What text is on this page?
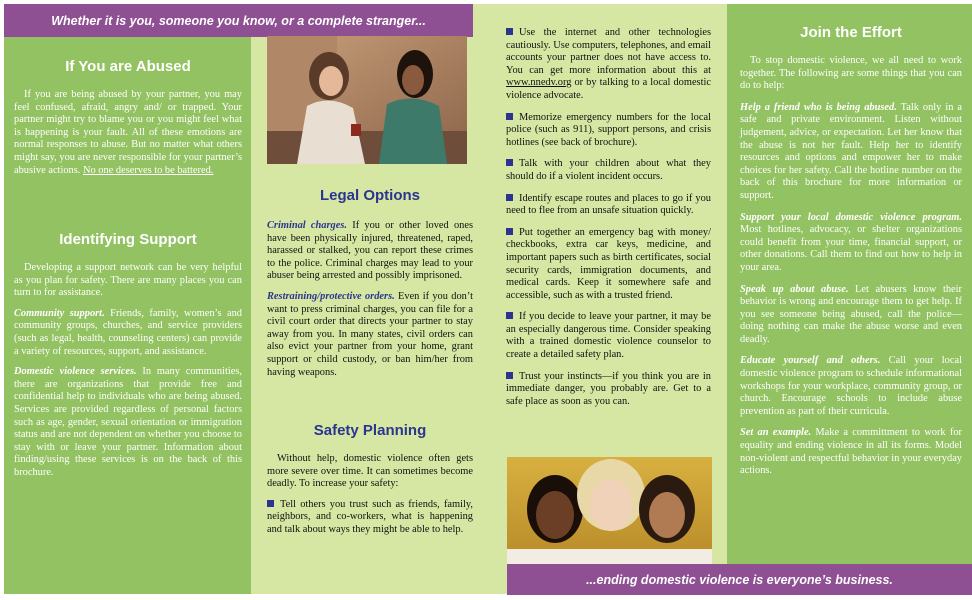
Whether it is you, someone you know, or a complete stranger...
...ending domestic violence is everyone’s business.
If You are Abused

If you are being abused by your partner, you may feel confused, afraid, angry and/ or trapped. Your partner might try to blame you or you might feel what is happening is your fault. All of these emotions are normal responses to abuse. But no matter what others might say, you are never responsible for your partner’s abusive actions. No one deserves to be battered.

Identifying Support

Developing a support network can be very helpful as you plan for safety. There are many places you can turn to for assistance.

Community support. Friends, family, women’s and community groups, churches, and service providers (such as legal, health, counseling centers) can provide a variety of resources, support, and assistance.

Domestic violence services. In many communities, there are organizations that provide free and confidential help to individuals who are being abused. Services are provided regardless of personal factors such as age, gender, sexual orientation or immigration status and are not dependent on whether you choose to stay with or leave your partner. Information about finding/using these services is on the back of this brochure.

Legal Options

Criminal charges. If you or other loved ones have been physically injured, threatened, raped, harassed or stalked, you can report these crimes to the police. Criminal charges may lead to your abuser being arrested and possibly imprisoned.

Restraining/protective orders. Even if you don’t want to press criminal charges, you can file for a civil court order that directs your partner to stay away from you. In many states, civil orders can also evict your partner from your home, grant support or child custody, or ban him/her from having weapons.

Safety Planning

Without help, domestic violence often gets more severe over time. It can sometimes become deadly. To increase your safety:

Tell others you trust such as friends, family, neighbors, and co-workers, what is happening and talk about ways they might be able to help.

Use the internet and other technologies cautiously. Use computers, telephones, and email accounts your partner does not have access to. You can get more information about this at www.nnedv.org or by talking to a local domestic violence advocate.

Memorize emergency numbers for the local police (such as 911), support persons, and crisis hotlines (see back of brochure).

Talk with your children about what they should do if a violent incident occurs.

Identify escape routes and places to go if you need to flee from an unsafe situation quickly.

Put together an emergency bag with money/ checkbooks, extra car keys, medicine, and important papers such as birth certificates, social security cards, immigration documents, and medical cards. Keep it somewhere safe and accessible, such as with a trusted friend.

If you decide to leave your partner, it may be an especially dangerous time. Consider speaking with a trained domestic violence counselor to create a detailed safety plan.

Trust your instincts—if you think you are in immediate danger, you probably are. Get to a safe place as soon as you can.

Join the Effort

To stop domestic violence, we all need to work together. The following are some things that you can do to help:

Help a friend who is being abused. Talk only in a safe and private environment. Listen without judgement, advice, or expectation. Let her know that the abuse is not her fault. Help her to identify resources and options and empower her to make choices for her safety. Call the hotline number on the back of this brochure for more information or support.

Support your local domestic violence program. Most hotlines, advocacy, or shelter organizations could benefit from your time, financial support, or other donations. Call them to find out how to help in your area.

Speak up about abuse. Let abusers know their behavior is wrong and encourage them to get help. If you see someone being abused, call the police—doing nothing can make the abuse worse and even deadly.

Educate yourself and others. Call your local domestic violence program to schedule informational workshops for your workplace, community group, or church. Encourage schools to include abuse prevention as part of their curricula.

Set an example. Make a committment to work for equality and ending violence in all its forms. Model non-violent and respectful behavior in your everyday actions.
